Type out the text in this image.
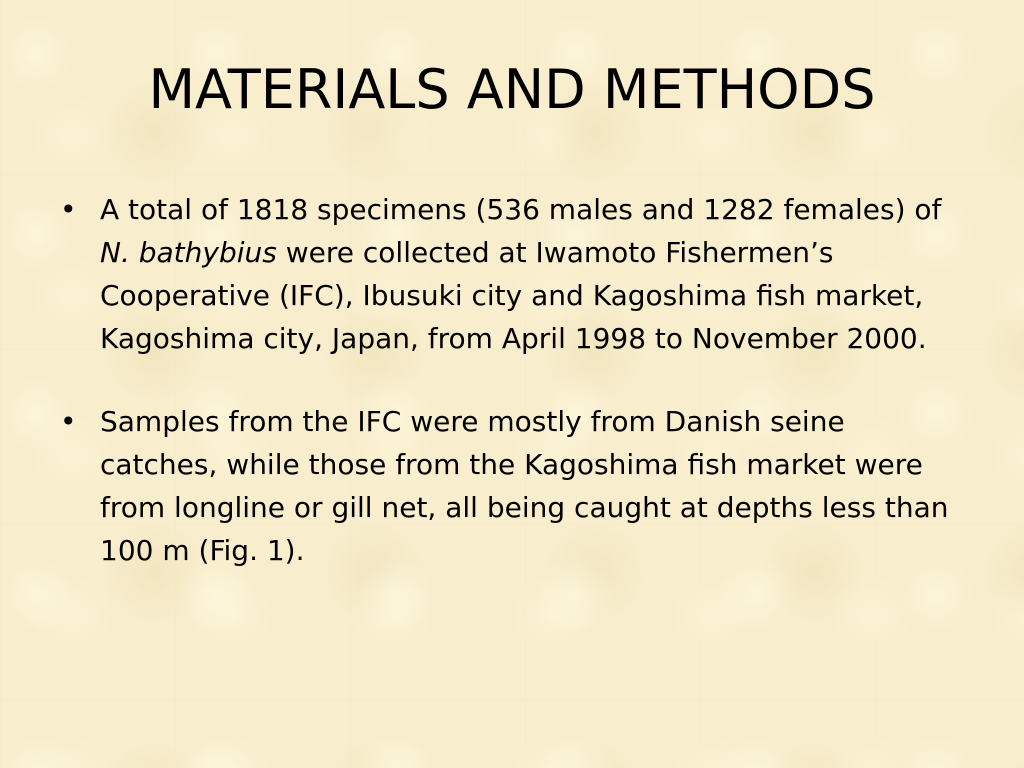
MATERIALS AND METHODS
• A total of 1818 specimens (536 males and 1282 females) of N. bathybius were collected at Iwamoto Fishermen’s Cooperative (IFC), Ibusuki city and Kagoshima fish market, Kagoshima city, Japan, from April 1998 to November 2000.
• Samples from the IFC were mostly from Danish seine catches, while those from the Kagoshima fish market were from longline or gill net, all being caught at depths less than 100 m (Fig. 1).
